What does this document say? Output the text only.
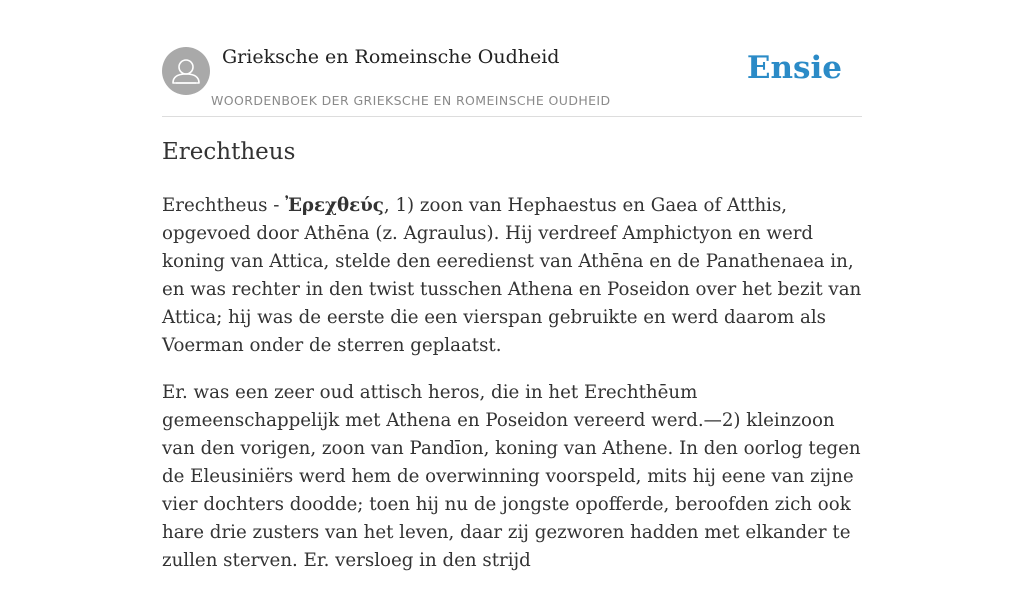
Grieksche en Romeinsche Oudheid
WOORDENBOEK DER GRIEKSCHE EN ROMEINSCHE OUDHEID
Ensie
Erechtheus

Erechtheus - Ἐρεχθεύς, 1) zoon van Hephaestus en Gaea of Atthis, opgevoed door Athēna (z. Agraulus). Hij verdreef Amphictyon en werd koning van Attica, stelde den eeredienst van Athēna en de Panathenaea in, en was rechter in den twist tusschen Athena en Poseidon over het bezit van Attica; hij was de eerste die een vierspan gebruikte en werd daarom als Voerman onder de sterren geplaatst.

Er. was een zeer oud attisch heros, die in het Erechthēum gemeenschappelijk met Athena en Poseidon vereerd werd.—2) kleinzoon van den vorigen, zoon van Pandīon, koning van Athene. In den oorlog tegen de Eleusiniërs werd hem de overwinning voorspeld, mits hij eene van zijne vier dochters doodde; toen hij nu de jongste opofferde, beroofden zich ook hare drie zusters van het leven, daar zij gezworen hadden met elkander te zullen sterven. Er. versloeg in den strijd
